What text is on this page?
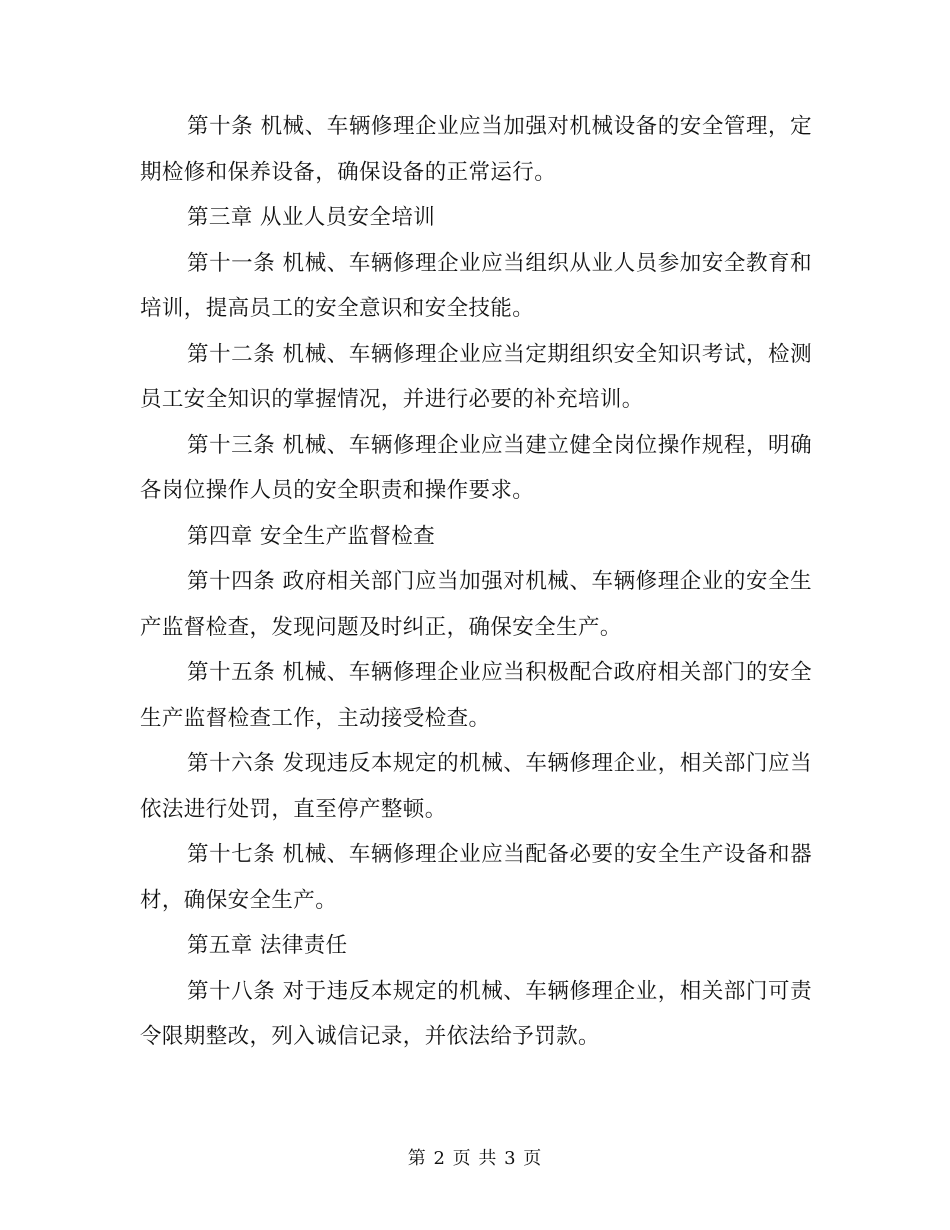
第十条 机械、车辆修理企业应当加强对机械设备的安全管理，定期检修和保养设备，确保设备的正常运行。

第三章 从业人员安全培训

第十一条 机械、车辆修理企业应当组织从业人员参加安全教育和培训，提高员工的安全意识和安全技能。

第十二条 机械、车辆修理企业应当定期组织安全知识考试，检测员工安全知识的掌握情况，并进行必要的补充培训。

第十三条 机械、车辆修理企业应当建立健全岗位操作规程，明确各岗位操作人员的安全职责和操作要求。

第四章 安全生产监督检查

第十四条 政府相关部门应当加强对机械、车辆修理企业的安全生产监督检查，发现问题及时纠正，确保安全生产。

第十五条 机械、车辆修理企业应当积极配合政府相关部门的安全生产监督检查工作，主动接受检查。

第十六条 发现违反本规定的机械、车辆修理企业，相关部门应当依法进行处罚，直至停产整顿。

第十七条 机械、车辆修理企业应当配备必要的安全生产设备和器材，确保安全生产。

第五章 法律责任

第十八条 对于违反本规定的机械、车辆修理企业，相关部门可责令限期整改，列入诚信记录，并依法给予罚款。

第 2 页 共 3 页
